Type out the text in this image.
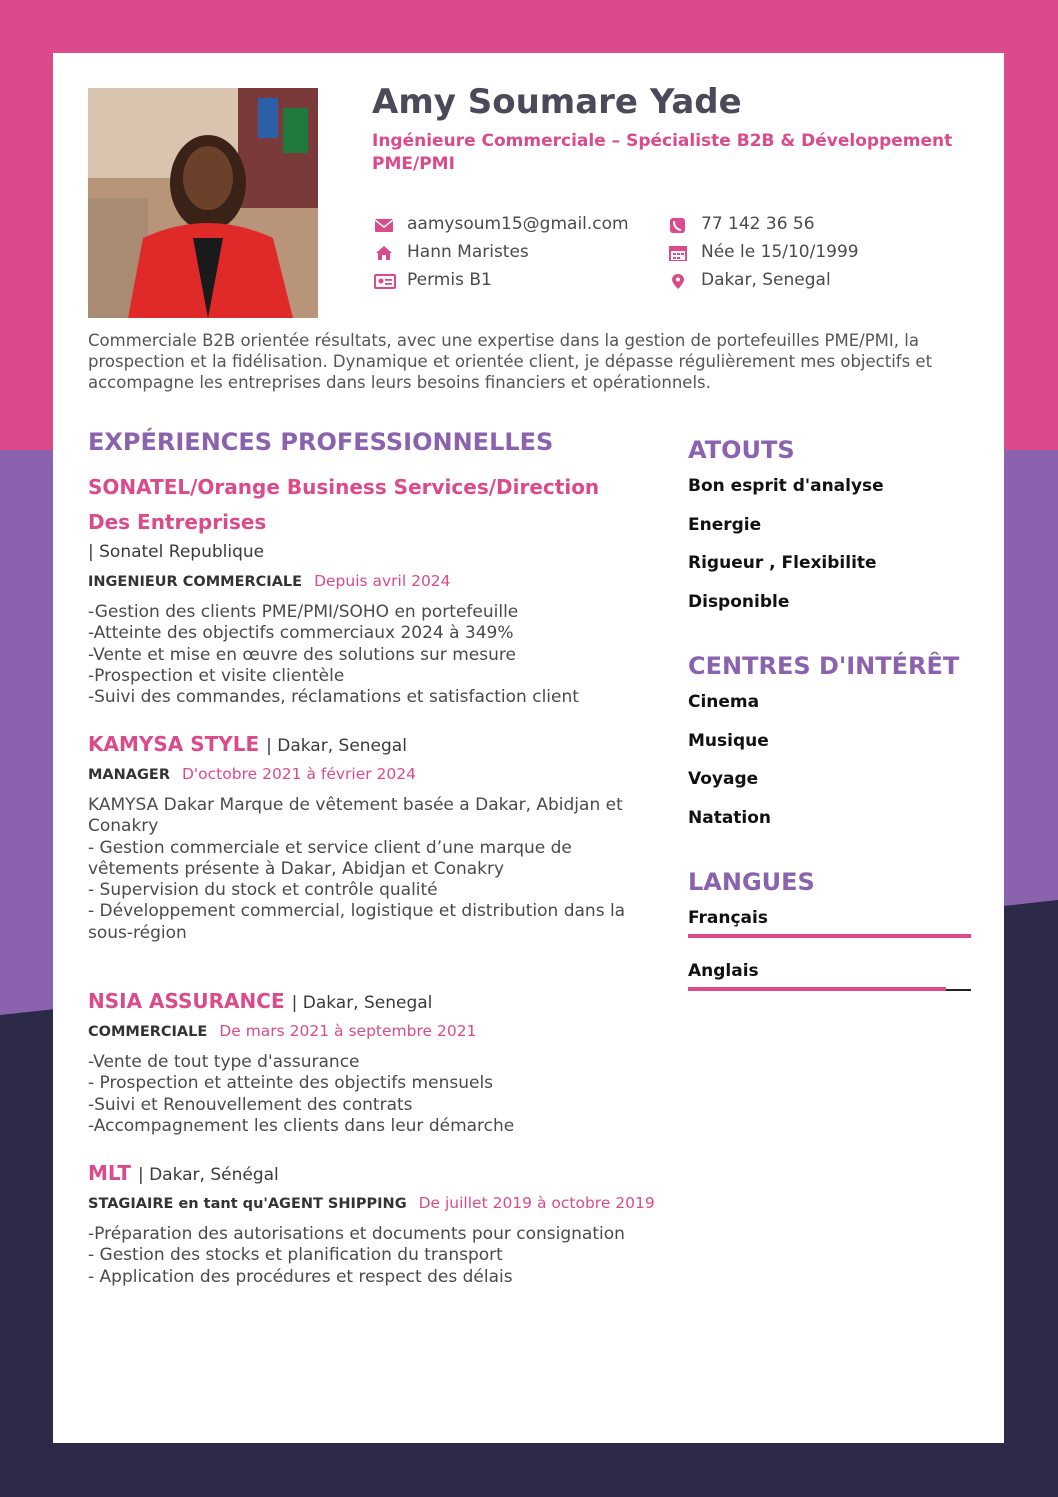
Amy Soumare Yade
Ingénieure Commerciale – Spécialiste B2B & Développement PME/PMI
aamysoum15@gmail.com	77 142 36 56
Hann Maristes	Née le 15/10/1999
Permis B1	Dakar, Senegal
Commerciale B2B orientée résultats, avec une expertise dans la gestion de portefeuilles PME/PMI, la prospection et la fidélisation. Dynamique et orientée client, je dépasse régulièrement mes objectifs et accompagne les entreprises dans leurs besoins financiers et opérationnels.
EXPÉRIENCES PROFESSIONNELLES
SONATEL/Orange Business Services/Direction Des Entreprises
| Sonatel Republique
INGENIEUR COMMERCIALE Depuis avril 2024
-Gestion des clients PME/PMI/SOHO en portefeuille
-Atteinte des objectifs commerciaux 2024 à 349%
-Vente et mise en œuvre des solutions sur mesure
-Prospection et visite clientèle
-Suivi des commandes, réclamations et satisfaction client
KAMYSA STYLE | Dakar, Senegal
MANAGER D'octobre 2021 à février 2024
KAMYSA Dakar Marque de vêtement basée a Dakar, Abidjan et Conakry
- Gestion commerciale et service client d’une marque de vêtements présente à Dakar, Abidjan et Conakry
- Supervision du stock et contrôle qualité
- Développement commercial, logistique et distribution dans la sous-région
NSIA ASSURANCE | Dakar, Senegal
COMMERCIALE De mars 2021 à septembre 2021
-Vente de tout type d'assurance
- Prospection et atteinte des objectifs mensuels
-Suivi et Renouvellement des contrats
-Accompagnement les clients dans leur démarche
MLT | Dakar, Sénégal
STAGIAIRE en tant qu'AGENT SHIPPING De juillet 2019 à octobre 2019
-Préparation des autorisations et documents pour consignation
- Gestion des stocks et planification du transport
- Application des procédures et respect des délais
ATOUTS
Bon esprit d'analyse
Energie
Rigueur , Flexibilite
Disponible
CENTRES D'INTÉRÊT
Cinema
Musique
Voyage
Natation
LANGUES
Français
Anglais
